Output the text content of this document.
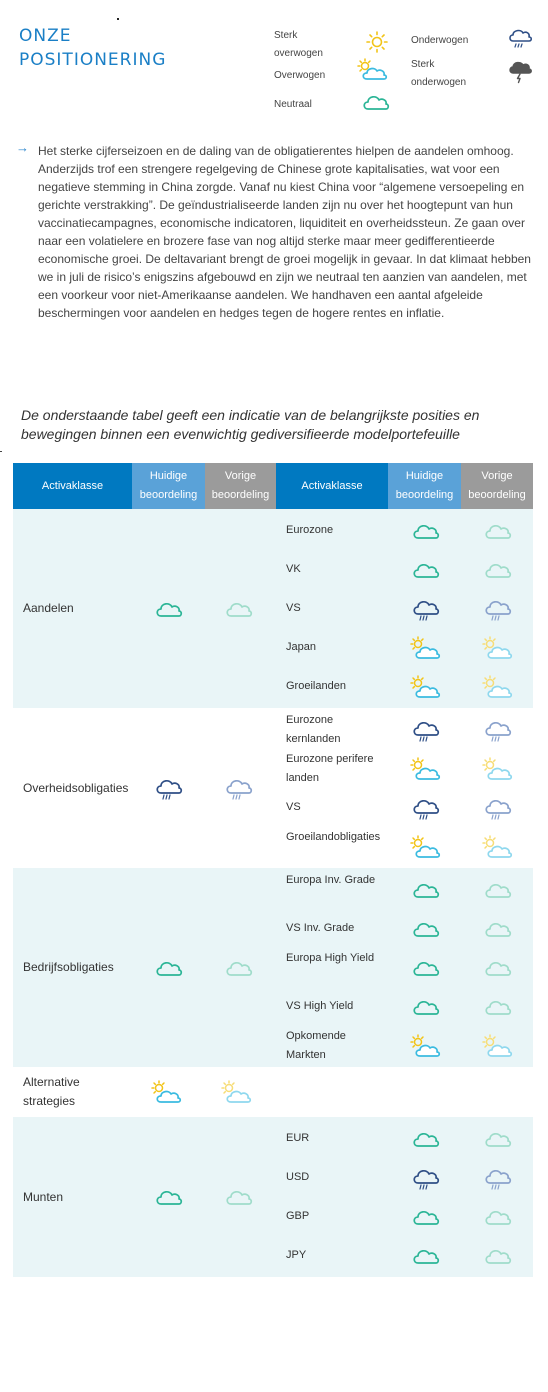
ONZE
POSITIONERING
Sterk
overwogen
Overwogen
Neutraal
Onderwogen
Sterk
onderwogen
→ Het sterke cijferseizoen en de daling van de obligatierentes hielpen de aandelen omhoog. Anderzijds trof een strengere regelgeving de Chinese grote kapitalisaties, wat voor een negatieve stemming in China zorgde. Vanaf nu kiest China voor “algemene versoepeling en gerichte verstrakking”. De geïndustrialiseerde landen zijn nu over het hoogtepunt van hun vaccinatiecampagnes, economische indicatoren, liquiditeit en overheidssteun. Ze gaan over naar een volatielere en brozere fase van nog altijd sterke maar meer gedifferentieerde economische groei. De deltavariant brengt de groei mogelijk in gevaar. In dat klimaat hebben we in juli de risico’s enigszins afgebouwd en zijn we neutraal ten aanzien van aandelen, met een voorkeur voor niet-Amerikaanse aandelen. We handhaven een aantal afgeleide beschermingen voor aandelen en hedges tegen de hogere rentes en inflatie.

De onderstaande tabel geeft een indicatie van de belangrijkste posities en bewegingen binnen een evenwichtig gediversifieerde modelportefeuille

Activaklasse
Huidige
beoordeling
Vorige
beoordeling
Activaklasse
Huidige
beoordeling
Vorige
beoordeling
Aandelen
Eurozone
VK
VS
Japan
Groeilanden
Overheidsobligaties
Eurozone kernlanden
Eurozone perifere landen
VS
Groeilandobligaties
Bedrijfsobligaties
Europa Inv. Grade
VS Inv. Grade
Europa High Yield
VS High Yield
Opkomende Markten
Alternative strategies
Munten
EUR
USD
GBP
JPY
